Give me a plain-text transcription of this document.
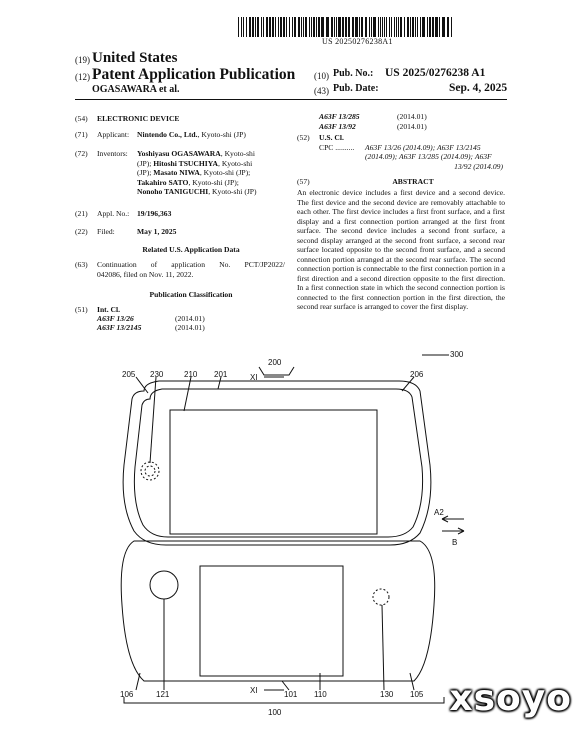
US 20250276238A1
(19) United States
(12) Patent Application Publication
OGASAWARA et al.
(10) Pub. No.: US 2025/0276238 A1
(43) Pub. Date:	Sep. 4, 2025
(54) ELECTRONIC DEVICE
(71) Applicant: Nintendo Co., Ltd., Kyoto-shi (JP)
(72) Inventors: Yoshiyasu OGASAWARA, Kyoto-shi
(JP); Hitoshi TSUCHIYA, Kyoto-shi
(JP); Masato NIWA, Kyoto-shi (JP);
Takahiro SATO, Kyoto-shi (JP);
Nonoho TANIGUCHI, Kyoto-shi (JP)
(21) Appl. No.: 19/196,363
(22) Filed:	May 1, 2025
Related U.S. Application Data
(63) Continuation of application No. PCT/JP2022/
042086, filed on Nov. 11, 2022.
Publication Classification
(51) Int. Cl.
A63F 13/26	(2014.01)
A63F 13/2145	(2014.01)
A63F 13/285	(2014.01)
A63F 13/92	(2014.01)
(52) U.S. Cl.
CPC .......... A63F 13/26 (2014.09); A63F 13/2145
(2014.09); A63F 13/285 (2014.09); A63F
13/92 (2014.09)
(57)	ABSTRACT
An electronic device includes a first device and a second device. The first device and the second device are removably attachable to each other. The first device includes a first front surface, and a first display and a first connection portion arranged at the first front surface. The second device includes a second front surface, a second display arranged at the second front surface, a second rear surface located opposite to the second front surface, and a second connection portion arranged at the second rear surface. The second connection portion is connectable to the first connection portion in a first direction and a second direction opposite to the first direction. In a first connection state in which the second connection portion is connected to the first connection portion in the first direction, the second rear surface is arranged to cover the first display.
300
200
205 230	210 201	XI	206
A2
B
106	121	XI	101 110	130 105
100	xsoyo
